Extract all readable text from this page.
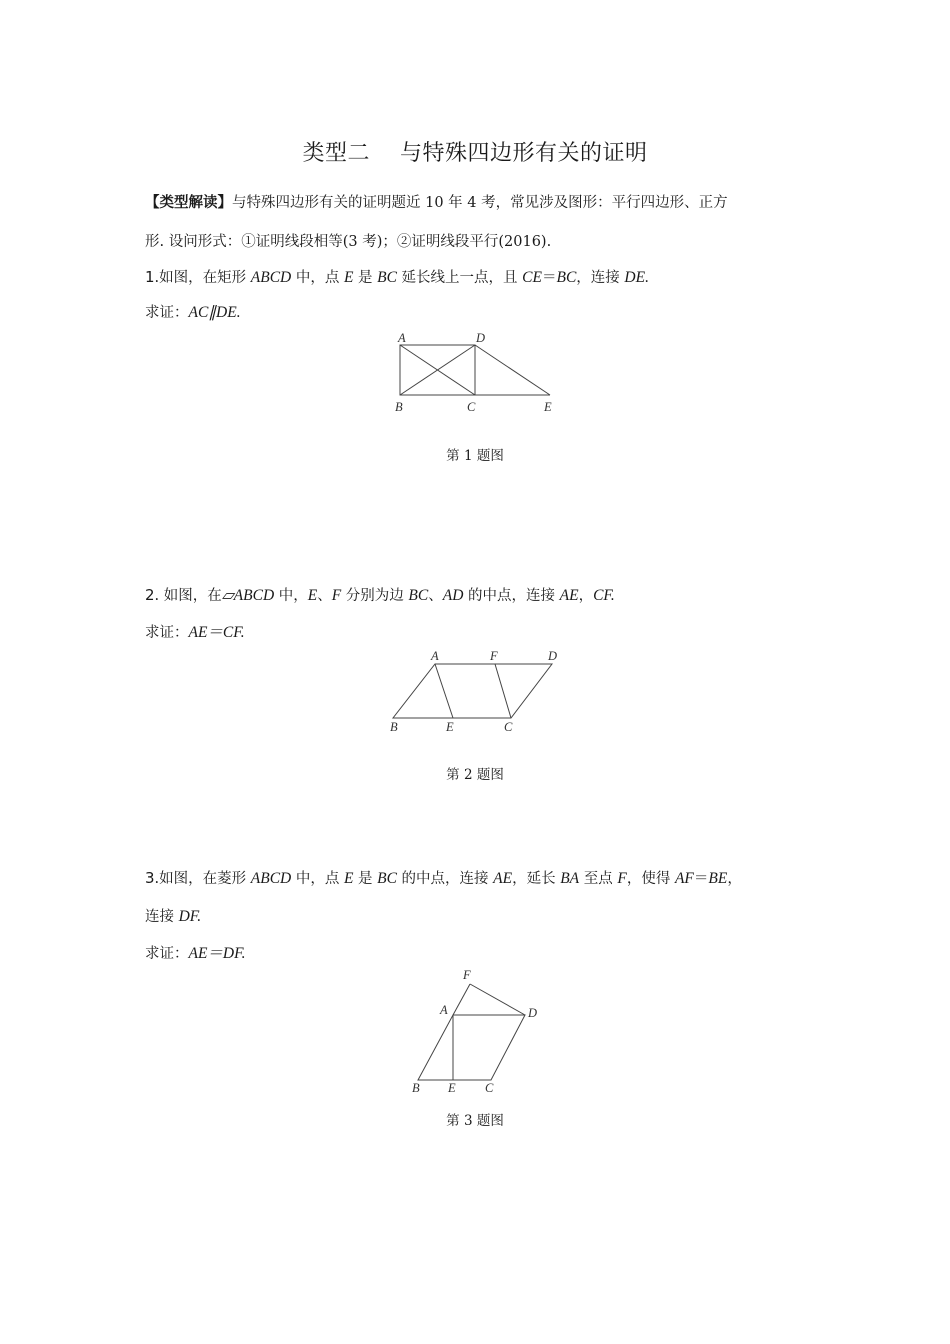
类型二 与特殊四边形有关的证明
【类型解读】与特殊四边形有关的证明题近 10 年 4 考，常见涉及图形：平行四边形、正方
形. 设问形式：①证明线段相等(3 考)；②证明线段平行(2016).
1.如图，在矩形 ABCD 中，点 E 是 BC 延长线上一点，且 CE＝BC，连接 DE.
求证：AC∥DE.
A	D
B	C	E
A	F	D
B	E	C
F
A	D
B E C
第 1 题图
2. 如图，在▱ABCD 中，E、F 分别为边 BC、AD 的中点，连接 AE，CF.
求证：AE＝CF.
第 2 题图
3.如图，在菱形 ABCD 中，点 E 是 BC 的中点，连接 AE，延长 BA 至点 F，使得 AF＝BE，
连接 DF.
求证：AE＝DF.
第 3 题图
